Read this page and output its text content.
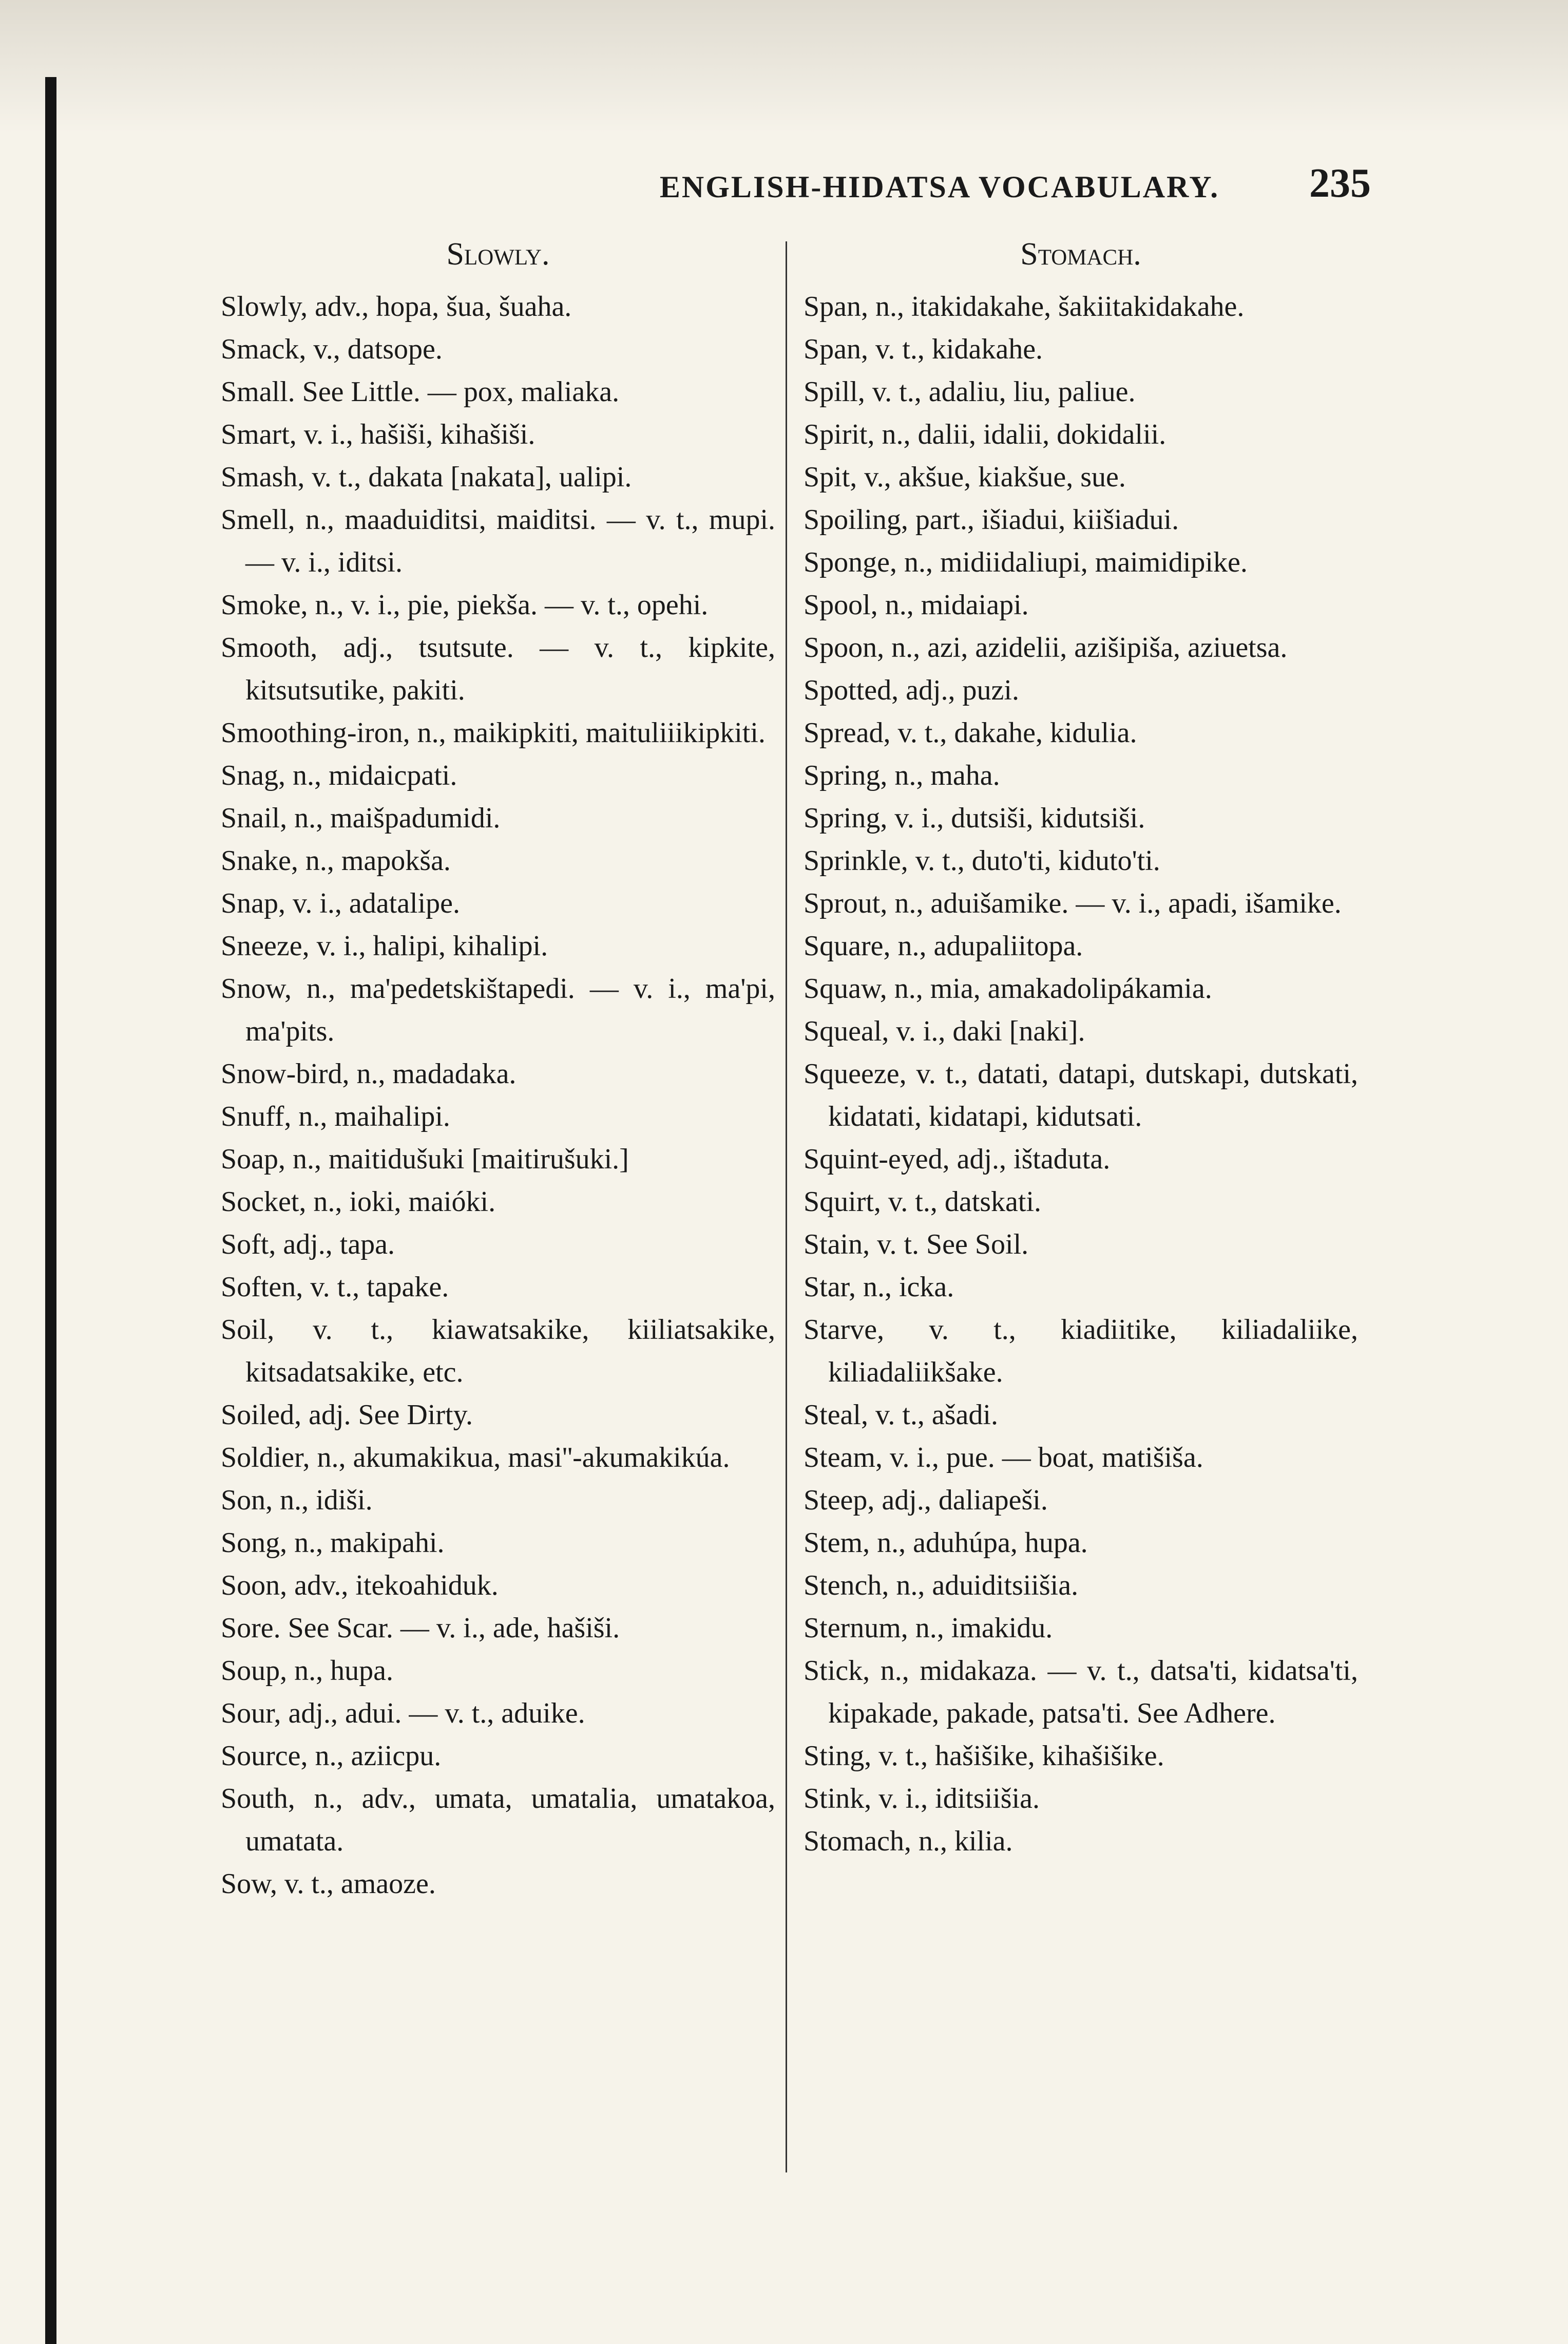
ENGLISH-HIDATSA VOCABULARY.	235
Slowly.
Slowly, adv., hopa, šua, šuaha.
Smack, v., datsope.
Small. See Little. — pox, maliaka.
Smart, v. i., hašiši, kihašiši.
Smash, v. t., dakata [nakata], ualipi.
Smell, n., maaduiditsi, maiditsi. — v. t., mupi. — v. i., iditsi.
Smoke, n., v. i., pie, piekša. — v. t., opehi.
Smooth, adj., tsutsute. — v. t., kipkite, kitsutsutike, pakiti.
Smoothing-iron, n., maikipkiti, maituliiikipkiti.
Snag, n., midaicpati.
Snail, n., maišpadumidi.
Snake, n., mapokša.
Snap, v. i., adatalipe.
Sneeze, v. i., halipi, kihalipi.
Snow, n., ma'pedetskištapedi. — v. i., ma'pi, ma'pits.
Snow-bird, n., madadaka.
Snuff, n., maihalipi.
Soap, n., maitidušuki [maitirušuki.]
Socket, n., ioki, maióki.
Soft, adj., tapa.
Soften, v. t., tapake.
Soil, v. t., kiawatsakike, kiiliatsakike, kitsadatsakike, etc.
Soiled, adj. See Dirty.
Soldier, n., akumakikua, masi''-akumakikúa.
Son, n., idiši.
Song, n., makipahi.
Soon, adv., itekoahiduk.
Sore. See Scar. — v. i., ade, hašiši.
Soup, n., hupa.
Sour, adj., adui. — v. t., aduike.
Source, n., aziicpu.
South, n., adv., umata, umatalia, umatakoa, umatata.
Sow, v. t., amaoze.
Stomach.
Span, n., itakidakahe, šakiitakidakahe.
Span, v. t., kidakahe.
Spill, v. t., adaliu, liu, paliue.
Spirit, n., dalii, idalii, dokidalii.
Spit, v., akšue, kiakšue, sue.
Spoiling, part., išiadui, kiišiadui.
Sponge, n., midiidaliupi, maimidipike.
Spool, n., midaiapi.
Spoon, n., azi, azidelii, azišipiša, aziuetsa.
Spotted, adj., puzi.
Spread, v. t., dakahe, kidulia.
Spring, n., maha.
Spring, v. i., dutsiši, kidutsiši.
Sprinkle, v. t., duto'ti, kiduto'ti.
Sprout, n., aduišamike. — v. i., apadi, išamike.
Square, n., adupaliitopa.
Squaw, n., mia, amakadolipákamia.
Squeal, v. i., daki [naki].
Squeeze, v. t., datati, datapi, dutskapi, dutskati, kidatati, kidatapi, kidutsati.
Squint-eyed, adj., ištaduta.
Squirt, v. t., datskati.
Stain, v. t. See Soil.
Star, n., icka.
Starve, v. t., kiadiitike, kiliadaliike, kiliadaliikšake.
Steal, v. t., ašadi.
Steam, v. i., pue. — boat, matišiša.
Steep, adj., daliapeši.
Stem, n., aduhúpa, hupa.
Stench, n., aduiditsiišia.
Sternum, n., imakidu.
Stick, n., midakaza. — v. t., datsa'ti, kidatsa'ti, kipakade, pakade, patsa'ti. See Adhere.
Sting, v. t., hašišike, kihašišike.
Stink, v. i., iditsiišia.
Stomach, n., kilia.
